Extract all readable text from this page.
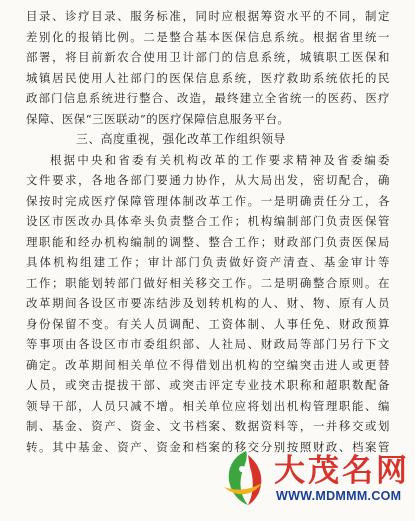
目录、诊疗目录、服务标准，同时应根据筹资水平的不同，制定
差别化的报销比例。二是整合基本医保信息系统。根据省里统一
部署，将目前新农合使用卫计部门的信息系统，城镇职工医保和
城镇居民使用人社部门的医保信息系统，医疗救助系统依托的民
政部门信息系统进行整合、改造，最终建立全省统一的医药、医疗
保障、医保“三医联动”的医疗保障信息服务平台。
三、高度重视，强化改革工作组织领导
根据中央和省委有关机构改革的工作要求精神及省委编委
文件要求，各地各部门要通力协作，从大局出发，密切配合，确
保按时完成医疗保障管理体制改革工作。一是明确责任分工，各
设区市医改办具体牵头负责整合工作；机构编制部门负责医保管
理职能和经办机构编制的调整、整合工作；财政部门负责医保局
具体机构组建工作；审计部门负责做好资产清查、基金审计等
工作；职能划转部门做好相关移交工作。二是明确整合原则。在
改革期间各设区市要冻结涉及划转机构的人、财、物、原有人员
身份保留不变。有关人员调配、工资体制、人事任免、财政预算
等事项由各设区市市委组织部、人社局、财政局等部门另行下文
确定。改革期间相关单位不得借划出机构的空编突击进人或更替
人员，或突击提拔干部、或突击评定专业技术职称和超职数配备
领导干部，人员只减不增。相关单位应将划出机构管理职能、编
制、基金、资产、资金、文书档案、数据资料等，一并移交或划
转。其中基金、资产、资金和档案的移交分别按照财政、档案管
大茂名网
WWW.MDMMM.COM
